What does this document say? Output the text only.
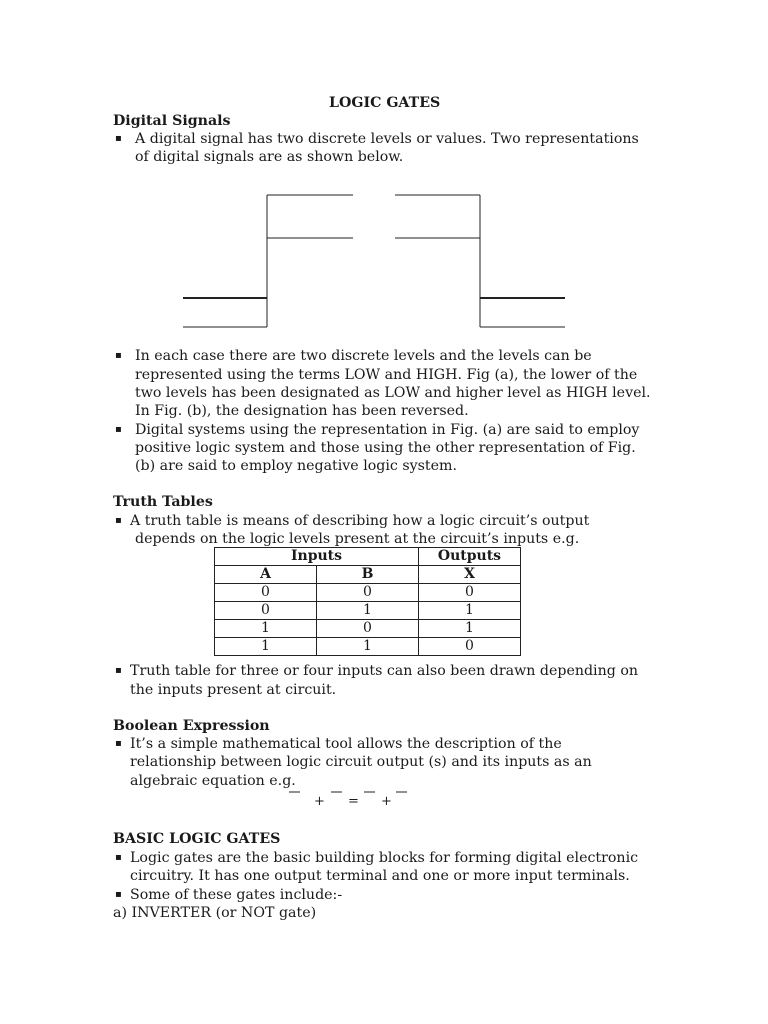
LOGIC GATES
Digital Signals
▪ A digital signal has two discrete levels or values. Two representations
of digital signals are as shown below.
▪ In each case there are two discrete levels and the levels can be
represented using the terms LOW and HIGH. Fig (a), the lower of the
two levels has been designated as LOW and higher level as HIGH level.
In Fig. (b), the designation has been reversed.
▪ Digital systems using the representation in Fig. (a) are said to employ
positive logic system and those using the other representation of Fig.
(b) are said to employ negative logic system.
Truth Tables
▪ A truth table is means of describing how a logic circuit’s output
depends on the logic levels present at the circuit’s inputs e.g.
Inputs		Outputs
A	B	X
0	0	0
0	1	1
1	0	1
1	1	0
▪ Truth table for three or four inputs can also been drawn depending on
the inputs present at circuit.
Boolean Expression
▪ It’s a simple mathematical tool allows the description of the
relationship between logic circuit output (s) and its inputs as an
algebraic equation e.g.
+ = +
BASIC LOGIC GATES
▪ Logic gates are the basic building blocks for forming digital electronic
circuitry. It has one output terminal and one or more input terminals.
▪ Some of these gates include:-
a) INVERTER (or NOT gate)
